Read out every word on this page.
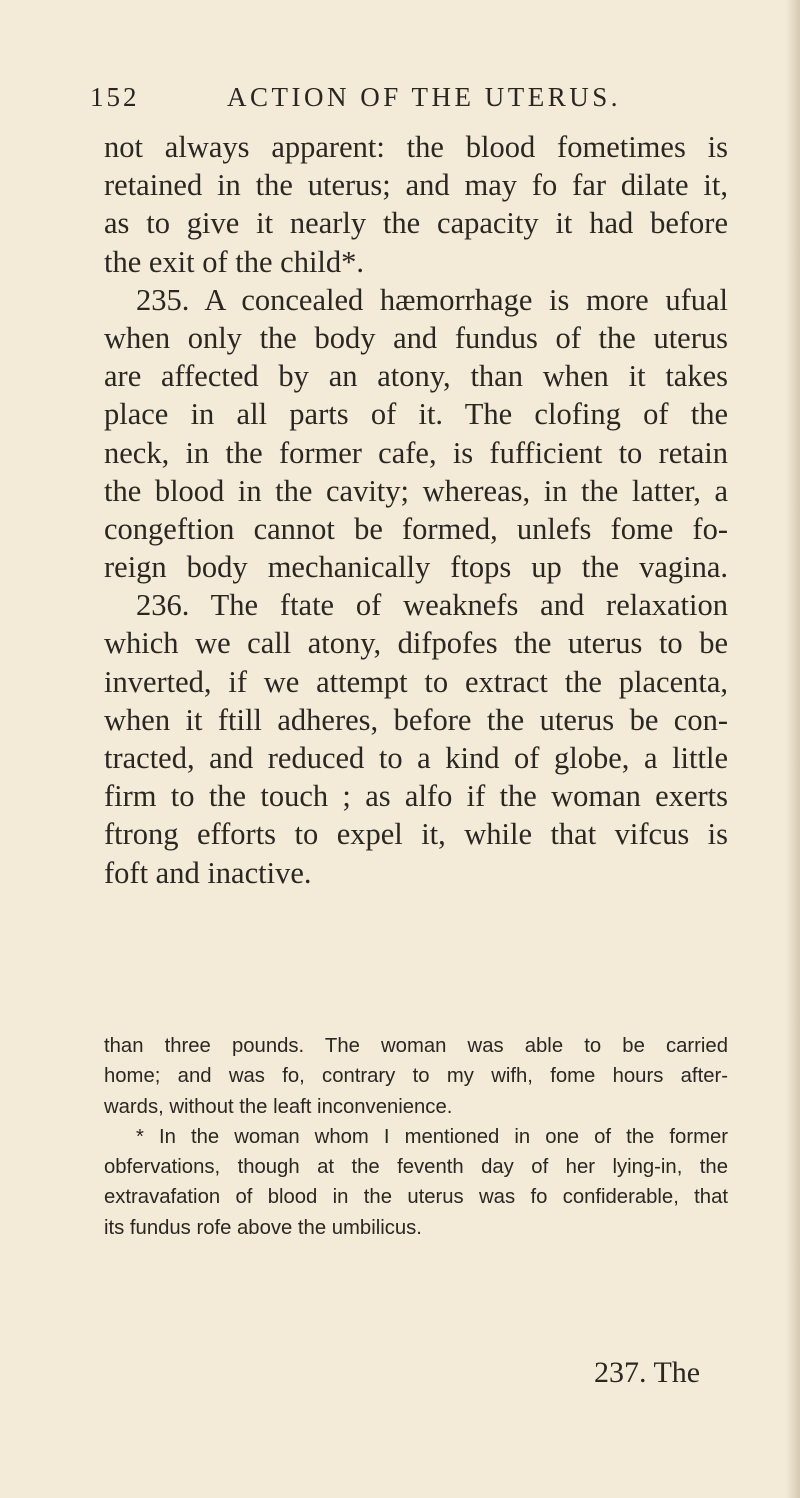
152	ACTION OF THE UTERUS.
not always apparent: the blood fometimes is
retained in the uterus; and may fo far dilate it,
as to give it nearly the capacity it had before
the exit of the child*.
235. A concealed hæmorrhage is more ufual
when only the body and fundus of the uterus
are affected by an atony, than when it takes
place in all parts of it. The clofing of the
neck, in the former cafe, is fufficient to retain
the blood in the cavity; whereas, in the latter, a
congeftion cannot be formed, unlefs fome fo-
reign body mechanically ftops up the vagina.
236. The ftate of weaknefs and relaxation
which we call atony, difpofes the uterus to be
inverted, if we attempt to extract the placenta,
when it ftill adheres, before the uterus be con-
tracted, and reduced to a kind of globe, a little
firm to the touch ; as alfo if the woman exerts
ftrong efforts to expel it, while that vifcus is
foft and inactive.
than three pounds. The woman was able to be carried
home; and was fo, contrary to my wifh, fome hours after-
wards, without the leaft inconvenience.
* In the woman whom I mentioned in one of the former
obfervations, though at the feventh day of her lying-in, the
extravafation of blood in the uterus was fo confiderable, that
its fundus rofe above the umbilicus.
237. The
